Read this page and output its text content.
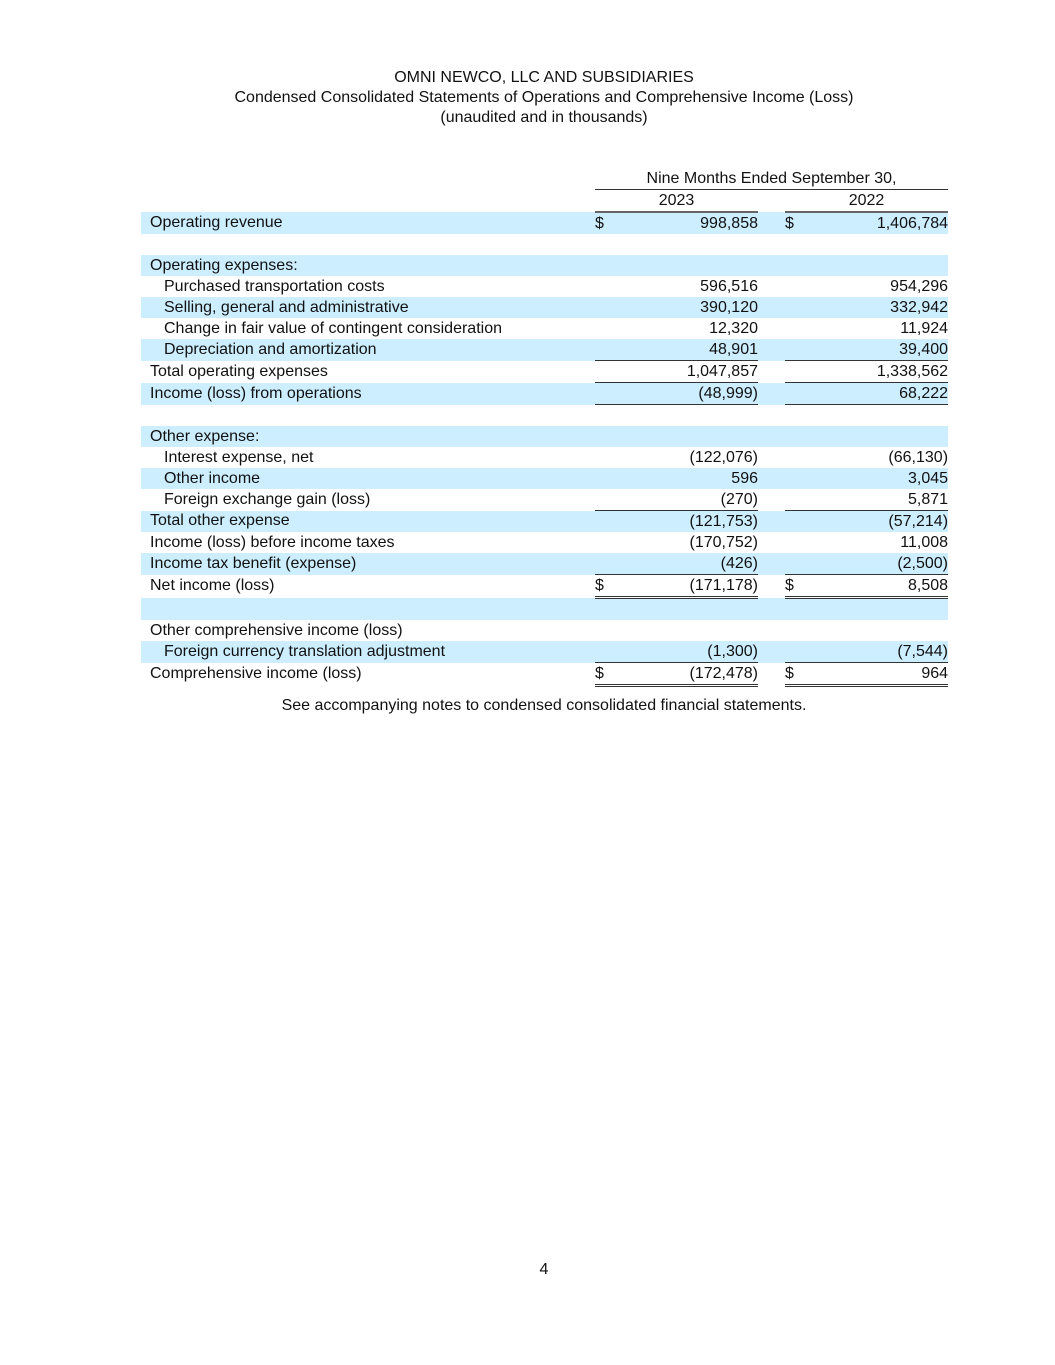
OMNI NEWCO, LLC AND SUBSIDIARIES
Condensed Consolidated Statements of Operations and Comprehensive Income (Loss)
(unaudited and in thousands)
	Nine Months Ended September 30,				
	2023			2022	
Operating revenue	$	998,858		$	1,406,784

Operating expenses:					
Purchased transportation costs		596,516			954,296
Selling, general and administrative		390,120			332,942
Change in fair value of contingent consideration		12,320			11,924
Depreciation and amortization		48,901			39,400
Total operating expenses		1,047,857			1,338,562
Income (loss) from operations		(48,999)			68,222

Other expense:					
Interest expense, net		(122,076)			(66,130)
Other income		596			3,045
Foreign exchange gain (loss)		(270)			5,871
Total other expense		(121,753)			(57,214)
Income (loss) before income taxes		(170,752)			11,008
Income tax benefit (expense)		(426)			(2,500)
Net income (loss)	$	(171,178)		$	8,508

Other comprehensive income (loss)					
Foreign currency translation adjustment		(1,300)			(7,544)
Comprehensive income (loss)	$	(172,478)		$	964
See accompanying notes to condensed consolidated financial statements.
4
